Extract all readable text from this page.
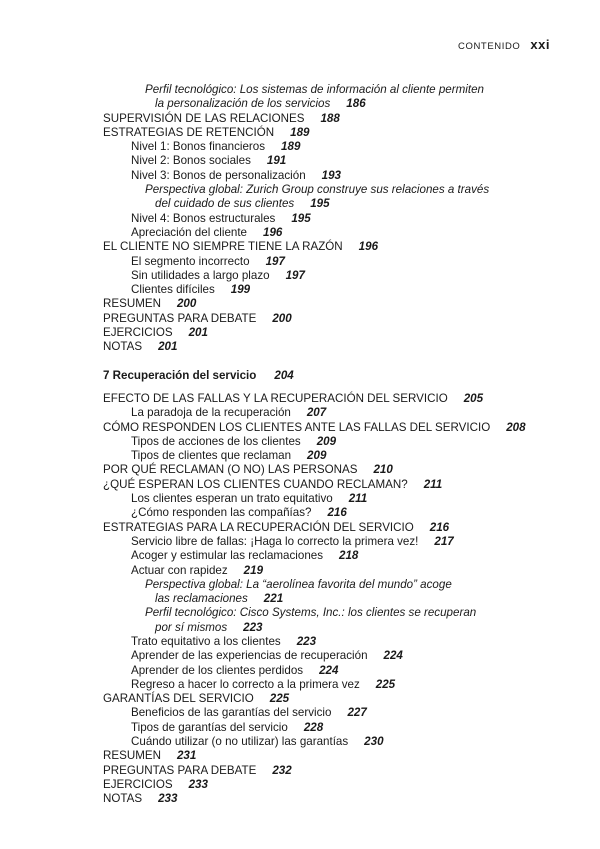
CONTENIDO xxi
Perfil tecnológico: Los sistemas de información al cliente permiten
la personalización de los servicios 186
SUPERVISIÓN DE LAS RELACIONES 188
ESTRATEGIAS DE RETENCIÓN 189
Nivel 1: Bonos financieros 189
Nivel 2: Bonos sociales 191
Nivel 3: Bonos de personalización 193
Perspectiva global: Zurich Group construye sus relaciones a través
del cuidado de sus clientes 195
Nivel 4: Bonos estructurales 195
Apreciación del cliente 196
EL CLIENTE NO SIEMPRE TIENE LA RAZÓN 196
El segmento incorrecto 197
Sin utilidades a largo plazo 197
Clientes difíciles 199
RESUMEN 200
PREGUNTAS PARA DEBATE 200
EJERCICIOS 201
NOTAS 201
7 Recuperación del servicio 204
EFECTO DE LAS FALLAS Y LA RECUPERACIÓN DEL SERVICIO 205
La paradoja de la recuperación 207
CÓMO RESPONDEN LOS CLIENTES ANTE LAS FALLAS DEL SERVICIO 208
Tipos de acciones de los clientes 209
Tipos de clientes que reclaman 209
POR QUÉ RECLAMAN (O NO) LAS PERSONAS 210
¿QUÉ ESPERAN LOS CLIENTES CUANDO RECLAMAN? 211
Los clientes esperan un trato equitativo 211
¿Cómo responden las compañías? 216
ESTRATEGIAS PARA LA RECUPERACIÓN DEL SERVICIO 216
Servicio libre de fallas: ¡Haga lo correcto la primera vez! 217
Acoger y estimular las reclamaciones 218
Actuar con rapidez 219
Perspectiva global: La “aerolínea favorita del mundo” acoge
las reclamaciones 221
Perfil tecnológico: Cisco Systems, Inc.: los clientes se recuperan
por sí mismos 223
Trato equitativo a los clientes 223
Aprender de las experiencias de recuperación 224
Aprender de los clientes perdidos 224
Regreso a hacer lo correcto a la primera vez 225
GARANTÍAS DEL SERVICIO 225
Beneficios de las garantías del servicio 227
Tipos de garantías del servicio 228
Cuándo utilizar (o no utilizar) las garantías 230
RESUMEN 231
PREGUNTAS PARA DEBATE 232
EJERCICIOS 233
NOTAS 233
